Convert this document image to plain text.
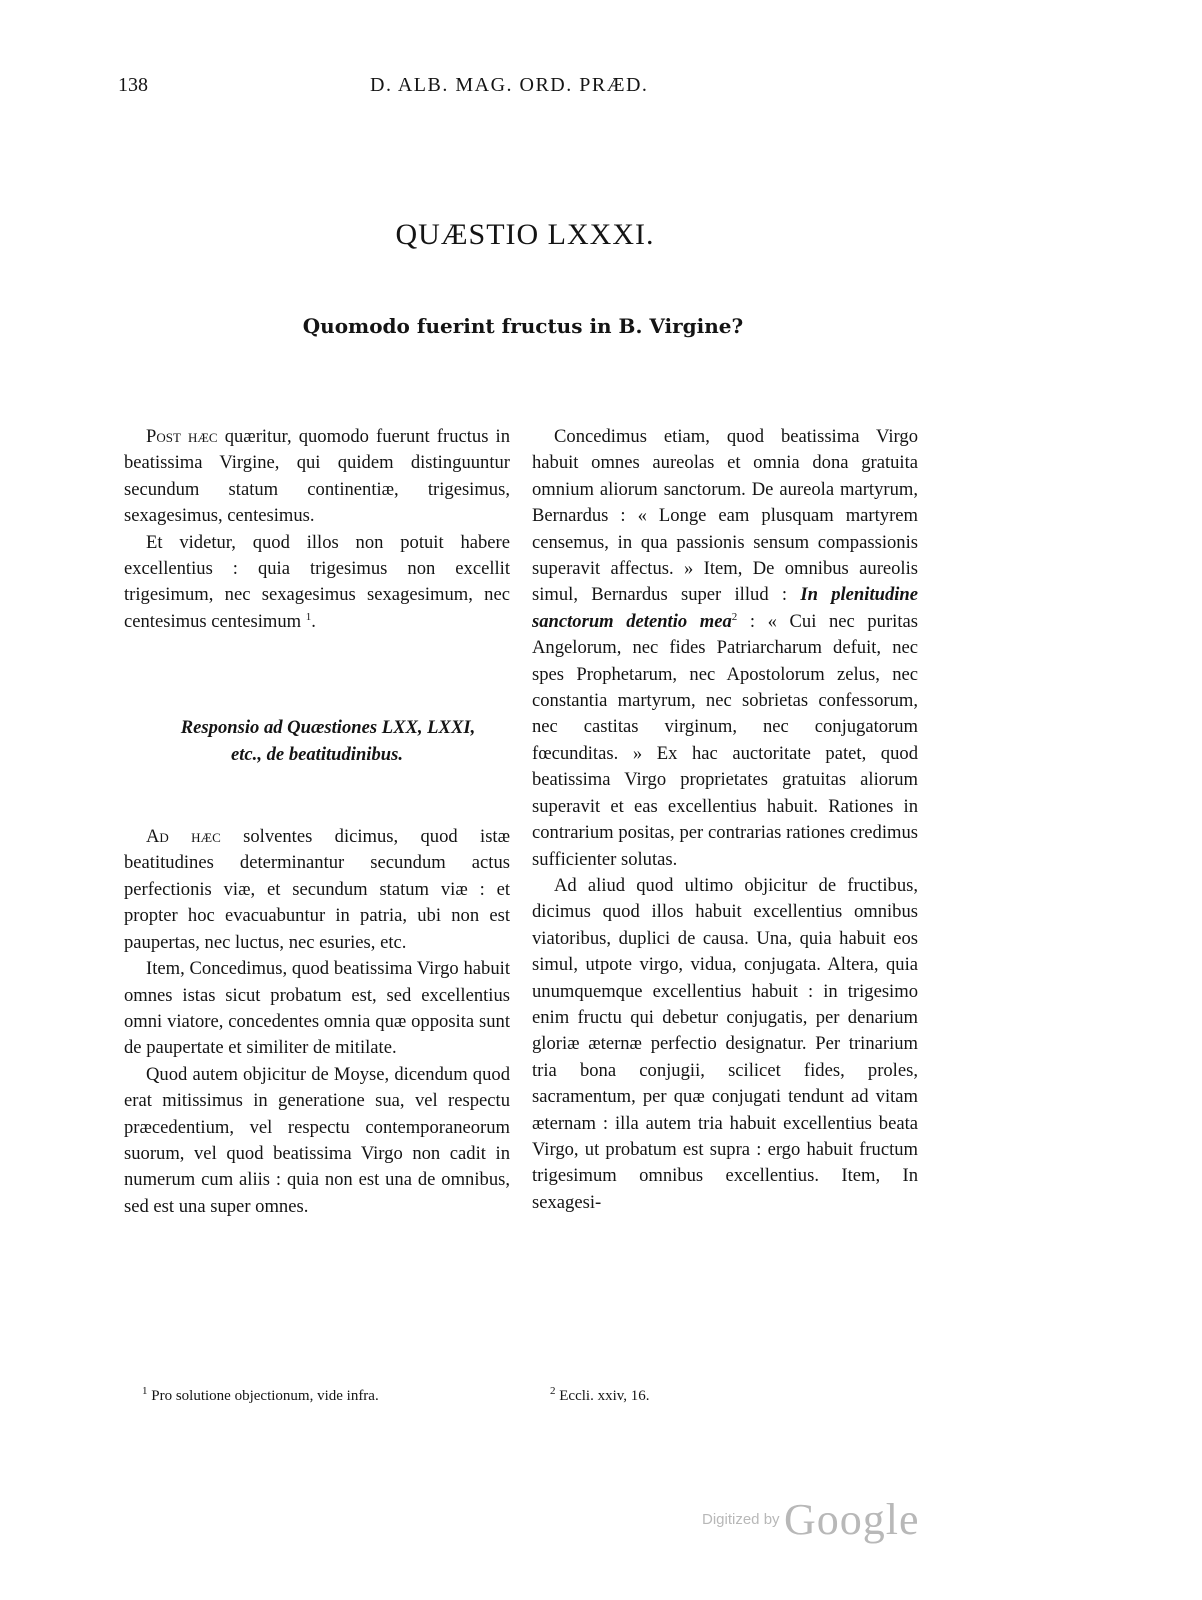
138	D. ALB. MAG. ORD. PRÆD.
QUÆSTIO LXXXI.
Quomodo fuerint fructus in B. Virgine?

Post hæc quæritur, quomodo fuerunt fructus in beatissima Virgine, qui quidem distinguuntur secundum statum continentiæ, trigesimus, sexagesimus, centesimus.

Et videtur, quod illos non potuit habere excellentius : quia trigesimus non excellit trigesimum, nec sexagesimus sexagesimum, nec centesimus centesimum $^1$.

Responsio ad Quæstiones LXX, LXXI,
etc., de beatitudinibus.

Ad hæc solventes dicimus, quod istæ beatitudines determinantur secundum actus perfectionis viæ, et secundum statum viæ : et propter hoc evacuabuntur in patria, ubi non est paupertas, nec luctus, nec esuries, etc.

Item, Concedimus, quod beatissima Virgo habuit omnes istas sicut probatum est, sed excellentius omni viatore, concedentes omnia quæ opposita sunt de paupertate et similiter de mitilate.

Quod autem objicitur de Moyse, dicendum quod erat mitissimus in generatione sua, vel respectu præcedentium, vel respectu contemporaneorum suorum, vel quod beatissima Virgo non cadit in numerum cum aliis : quia non est una de omnibus, sed est una super omnes.

Concedimus etiam, quod beatissima Virgo habuit omnes aureolas et omnia dona gratuita omnium aliorum sanctorum. De aureola martyrum, Bernardus : « Longe eam plusquam martyrem censemus, in qua passionis sensum compassionis superavit affectus. » Item, De omnibus aureolis simul, Bernardus super illud : In plenitudine sanctorum detentio mea$^2$ : « Cui nec puritas Angelorum, nec fides Patriarcharum defuit, nec spes Prophetarum, nec Apostolorum zelus, nec constantia martyrum, nec sobrietas confessorum, nec castitas virginum, nec conjugatorum fœcunditas. » Ex hac auctoritate patet, quod beatissima Virgo proprietates gratuitas aliorum superavit et eas excellentius habuit. Rationes in contrarium positas, per contrarias rationes credimus sufficienter solutas.

Ad aliud quod ultimo objicitur de fructibus, dicimus quod illos habuit excellentius omnibus viatoribus, duplici de causa. Una, quia habuit eos simul, utpote virgo, vidua, conjugata. Altera, quia unumquemque excellentius habuit : in trigesimo enim fructu qui debetur conjugatis, per denarium gloriæ æternæ perfectio designatur. Per trinarium tria bona conjugii, scilicet fides, proles, sacramentum, per quæ conjugati tendunt ad vitam æternam : illa autem tria habuit excellentius beata Virgo, ut probatum est supra : ergo habuit fructum trigesimum omnibus excellentius. Item, In sexagesi-

$^1$ Pro solutione objectionum, vide infra.	$^2$ Eccli. xxiv, 16.
Digitized by Google
